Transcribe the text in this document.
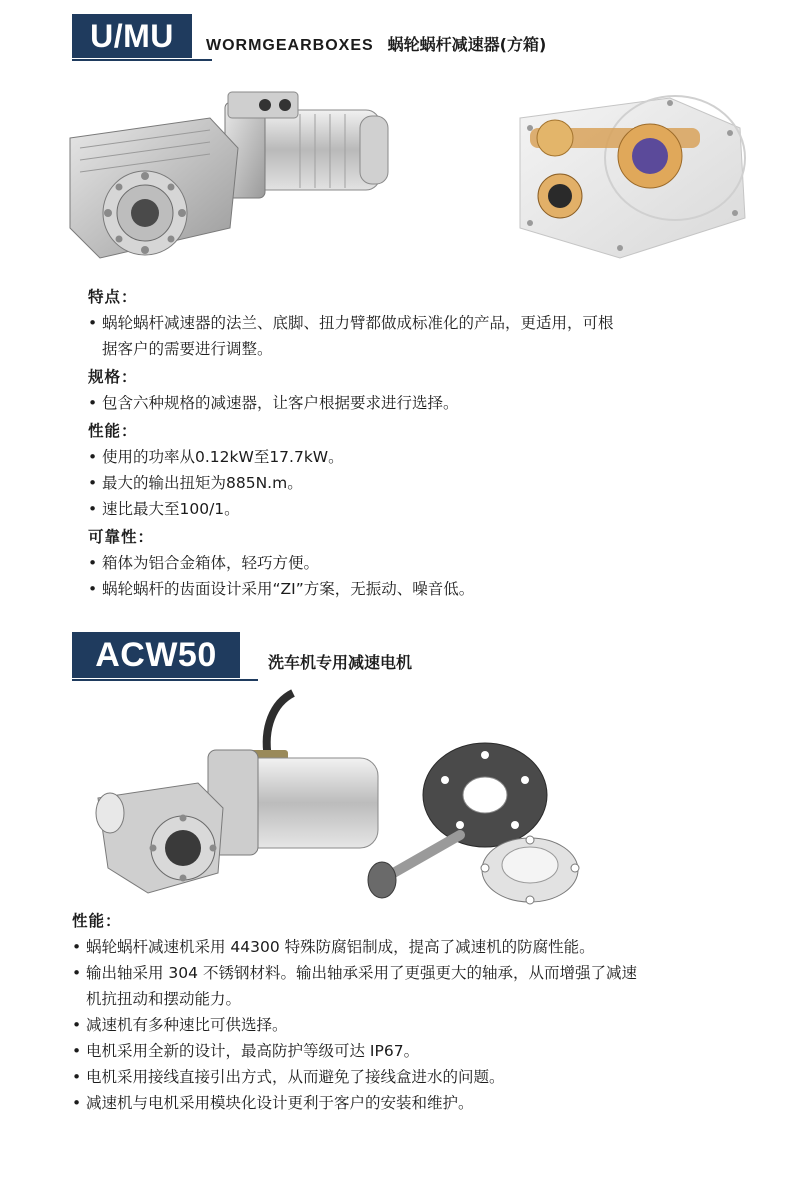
U/MU WORMGEARBOXES 蜗轮蜗杆减速器(方箱)
特点：
• 蜗轮蜗杆减速器的法兰、底脚、扭力臂都做成标准化的产品，更适用，可根据客户的需要进行调整。
规格：
• 包含六种规格的减速器，让客户根据要求进行选择。
性能：
• 使用的功率从0.12kW至17.7kW。
• 最大的输出扭矩为885N.m。
• 速比最大至100/1。
可靠性：
• 箱体为铝合金箱体，轻巧方便。
• 蜗轮蜗杆的齿面设计采用“ZI”方案，无振动、噪音低。
ACW50	洗车机专用减速电机
性能：
• 蜗轮蜗杆减速机采用 44300 特殊防腐铝制成，提高了减速机的防腐性能。
• 输出轴采用 304 不锈钢材料。输出轴承采用了更强更大的轴承，从而增强了减速机抗扭动和摆动能力。
• 减速机有多种速比可供选择。
• 电机采用全新的设计，最高防护等级可达 IP67。
• 电机采用接线直接引出方式，从而避免了接线盒进水的问题。
• 减速机与电机采用模块化设计更利于客户的安装和维护。
